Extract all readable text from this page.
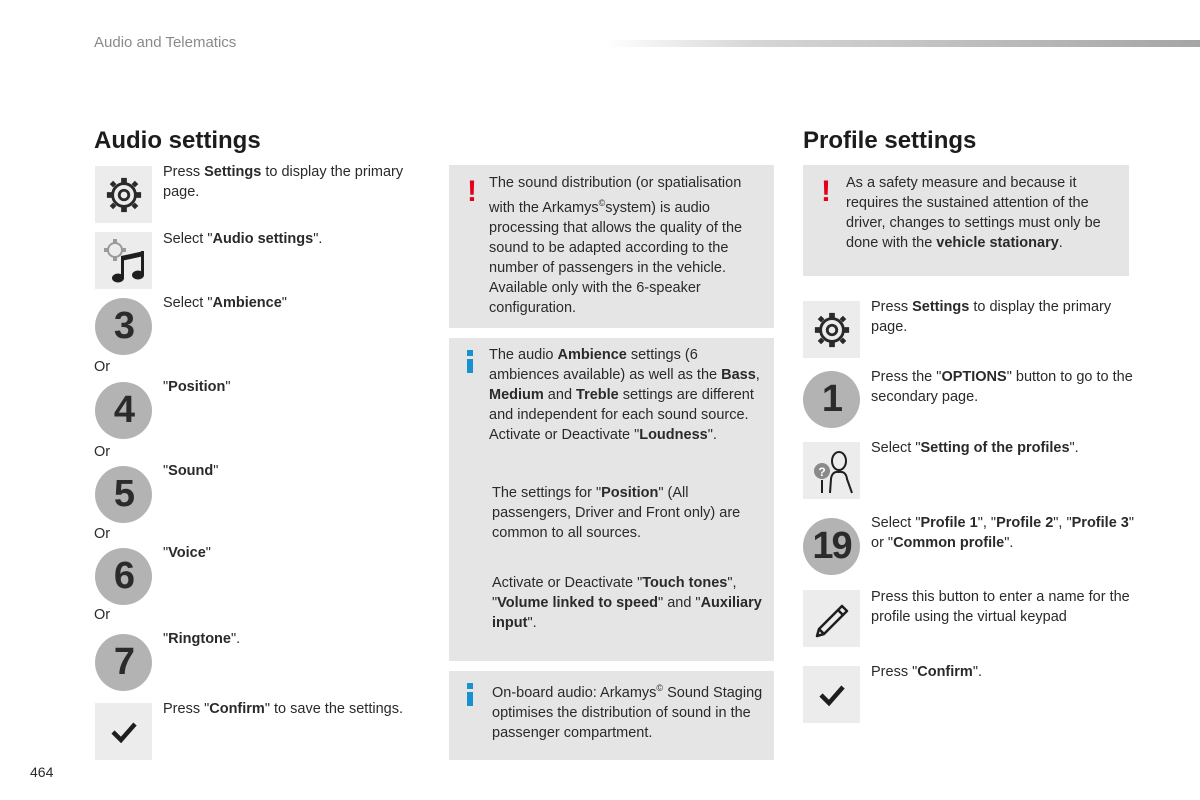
Audio and Telematics
Audio settings
Press Settings to display the primary page.
Select "Audio settings".
3
Select "Ambience"
Or
4
"Position"
Or
5
"Sound"
Or
6
"Voice"
Or
7
"Ringtone".
Press "Confirm" to save the settings.
! The sound distribution (or spatialisation with the Arkamys©system) is audio processing that allows the quality of the sound to be adapted according to the number of passengers in the vehicle. Available only with the 6-speaker configuration.
The audio Ambience settings (6 ambiences available) as well as the Bass, Medium and Treble settings are different and independent for each sound source.
Activate or Deactivate "Loudness".
The settings for "Position" (All passengers, Driver and Front only) are common to all sources.
Activate or Deactivate "Touch tones", "Volume linked to speed" and "Auxiliary input".
On-board audio: Arkamys© Sound Staging optimises the distribution of sound in the passenger compartment.
Profile settings
! As a safety measure and because it requires the sustained attention of the driver, changes to settings must only be done with the vehicle stationary.
Press Settings to display the primary page.
1
Press the "OPTIONS" button to go to the secondary page.
?
Select "Setting of the profiles".
19
Select "Profile 1", "Profile 2", "Profile 3" or "Common profile".
Press this button to enter a name for the profile using the virtual keypad
Press "Confirm".
464
